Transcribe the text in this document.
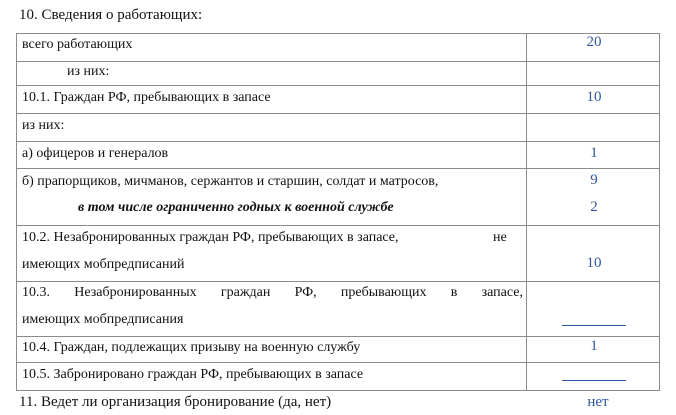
10. Сведения о работающих:
всего работающих	20
из них:
10.1. Граждан РФ, пребывающих в запасе	10
из них:
а) офицеров и генералов	1
б) прапорщиков, мичманов, сержантов и старшин, солдат и матросов,	9
в том числе ограниченно годных к военной службе	2
10.2. Незабронированных граждан РФ, пребывающих в запасе,	не
имеющих мобпредписаний	10
10.3. Незабронированных граждан РФ, пребывающих в запасе,
имеющих мобпредписания
10.4. Граждан, подлежащих призыву на военную службу	1
10.5. Забронировано граждан РФ, пребывающих в запасе
11. Ведет ли организация бронирование (да, нет)	нет
